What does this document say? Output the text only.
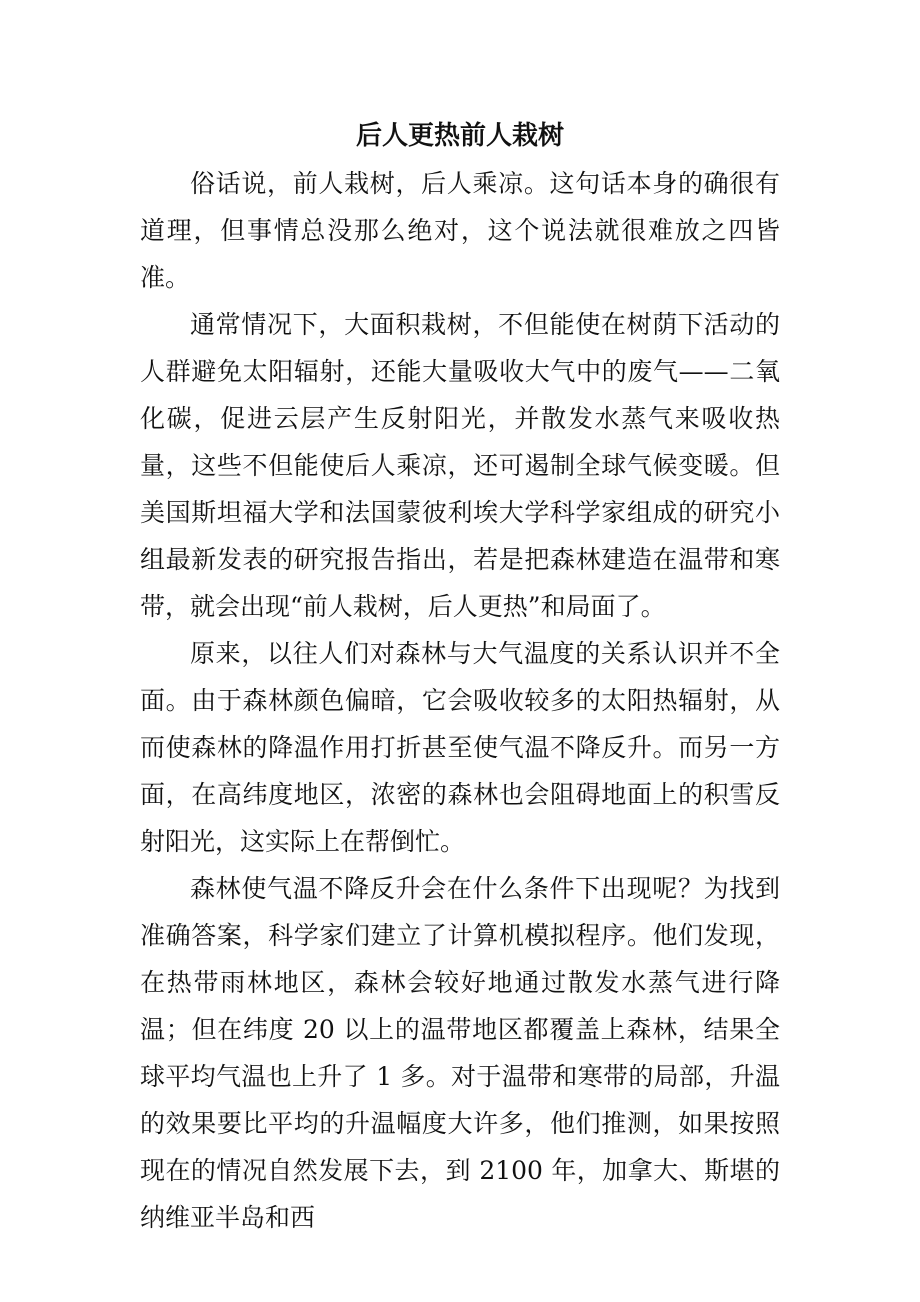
后人更热前人栽树

俗话说，前人栽树，后人乘凉。这句话本身的确很有道理，但事情总没那么绝对，这个说法就很难放之四皆准。

通常情况下，大面积栽树，不但能使在树荫下活动的人群避免太阳辐射，还能大量吸收大气中的废气——二氧化碳，促进云层产生反射阳光，并散发水蒸气来吸收热量，这些不但能使后人乘凉，还可遏制全球气候变暖。但美国斯坦福大学和法国蒙彼利埃大学科学家组成的研究小组最新发表的研究报告指出，若是把森林建造在温带和寒带，就会出现“前人栽树，后人更热”和局面了。

原来，以往人们对森林与大气温度的关系认识并不全面。由于森林颜色偏暗，它会吸收较多的太阳热辐射，从而使森林的降温作用打折甚至使气温不降反升。而另一方面，在高纬度地区，浓密的森林也会阻碍地面上的积雪反射阳光，这实际上在帮倒忙。

森林使气温不降反升会在什么条件下出现呢？为找到准确答案，科学家们建立了计算机模拟程序。他们发现，在热带雨林地区，森林会较好地通过散发水蒸气进行降温；但在纬度 20 以上的温带地区都覆盖上森林，结果全球平均气温也上升了 1 多。对于温带和寒带的局部，升温的效果要比平均的升温幅度大许多，他们推测，如果按照现在的情况自然发展下去，到 2100 年，加拿大、斯堪的纳维亚半岛和西
